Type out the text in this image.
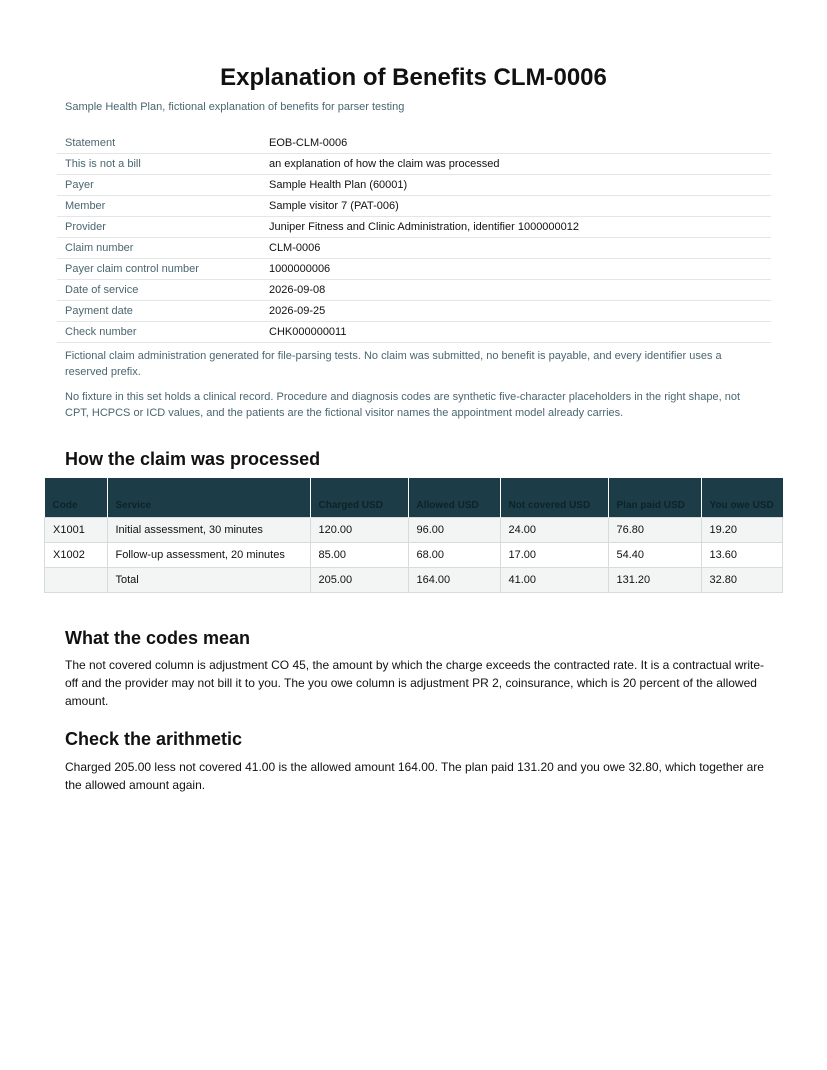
Explanation of Benefits CLM-0006

Sample Health Plan, fictional explanation of benefits for parser testing

Statement	EOB-CLM-0006
This is not a bill	an explanation of how the claim was processed
Payer	Sample Health Plan (60001)
Member	Sample visitor 7 (PAT-006)
Provider	Juniper Fitness and Clinic Administration, identifier 1000000012
Claim number	CLM-0006
Payer claim control number	1000000006
Date of service	2026-09-08
Payment date	2026-09-25
Check number	CHK000000011

Fictional claim administration generated for file-parsing tests. No claim was submitted, no benefit is payable, and every identifier uses a reserved prefix.

No fixture in this set holds a clinical record. Procedure and diagnosis codes are synthetic five-character placeholders in the right shape, not CPT, HCPCS or ICD values, and the patients are the fictional visitor names the appointment model already carries.

How the claim was processed
Code	Service	Charged USD	Allowed USD	Not covered USD	Plan paid USD	You owe USD
X1001	Initial assessment, 30 minutes	120.00	96.00	24.00	76.80	19.20
X1002	Follow-up assessment, 20 minutes	85.00	68.00	17.00	54.40	13.60
	Total	205.00	164.00	41.00	131.20	32.80
What the codes mean

The not covered column is adjustment CO 45, the amount by which the charge exceeds the contracted rate. It is a contractual write-off and the provider may not bill it to you. The you owe column is adjustment PR 2, coinsurance, which is 20 percent of the allowed amount.

Check the arithmetic

Charged 205.00 less not covered 41.00 is the allowed amount 164.00. The plan paid 131.20 and you owe 32.80, which together are the allowed amount again.
